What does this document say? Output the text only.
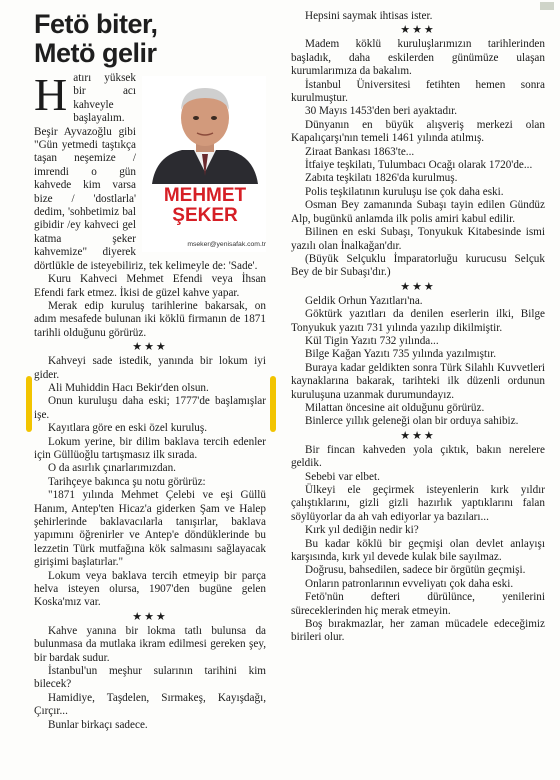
Fetö biter,
Metö gelir

H
MEHMET
ŞEKER
mseker@yenisafak.com.tr
atırı yüksek bir acı kahveyle başlayalım. Beşir Ayvazoğlu gibi "Gün yetmedi taştıkça taşan neşemize / imrendi o gün kahvede kim varsa bize / 'dostlarla' dedim, 'sohbetimiz bal gibidir /ey kahveci gel katma şeker kahvemize" diyerek dörtlükle de isteyebiliriz, tek kelimeyle de: 'Sade'.

Kuru Kahveci Mehmet Efendi veya İhsan Efendi fark etmez. İkisi de güzel kahve yapar.

Merak edip kuruluş tarihlerine bakarsak, on adım mesafede bulunan iki köklü firmanın de 1871 tarihli olduğunu görürüz.

★★★

Kahveyi sade istedik, yanında bir lokum iyi gider.

Ali Muhiddin Hacı Bekir'den olsun.

Onun kuruluşu daha eski; 1777'de başlamışlar işe.

Kayıtlara göre en eski özel kuruluş.

Lokum yerine, bir dilim baklava tercih edenler için Güllüoğlu tartışmasız ilk sırada.

O da asırlık çınarlarımızdan.

Tarihçeye bakınca şu notu görürüz:

"1871 yılında Mehmet Çelebi ve eşi Güllü Hanım, Antep'ten Hicaz'a giderken Şam ve Halep şehirlerinde baklavacılarla tanışırlar, baklava yapımını öğrenirler ve Antep'e döndüklerinde bu lezzetin Türk mutfağına kök salmasını sağlayacak girişimi başlatırlar."

Lokum veya baklava tercih etmeyip bir parça helva isteyen olursa, 1907'den bugüne gelen Koska'mız var.

★★★

Kahve yanına bir lokma tatlı bulunsa da bulunmasa da mutlaka ikram edilmesi gereken şey, bir bardak sudur.

İstanbul'un meşhur sularının tarihini kim bilecek?

Hamidiye, Taşdelen, Sırmakeş, Kayışdağı, Çırçır...

Bunlar birkaçı sadece.

Hepsini saymak ihtisas ister.

★★★

Madem köklü kuruluşlarımızın tarihlerinden başladık, daha eskilerden günümüze ulaşan kurumlarımıza da bakalım.

İstanbul Üniversitesi fetihten hemen sonra kurulmuştur.

30 Mayıs 1453'den beri ayaktadır.

Dünyanın en büyük alışveriş merkezi olan Kapalıçarşı'nın temeli 1461 yılında atılmış.

Ziraat Bankası 1863'te...

İtfaiye teşkilatı, Tulumbacı Ocağı olarak 1720'de...

Zabıta teşkilatı 1826'da kurulmuş.

Polis teşkilatının kuruluşu ise çok daha eski.

Osman Bey zamanında Subaşı tayin edilen Gündüz Alp, bugünkü anlamda ilk polis amiri kabul edilir.

Bilinen en eski Subaşı, Tonyukuk Kitabesinde ismi yazılı olan İnalkağan'dır.

(Büyük Selçuklu İmparatorluğu kurucusu Selçuk Bey de bir Subaşı'dır.)

★★★

Geldik Orhun Yazıtları'na.

Göktürk yazıtları da denilen eserlerin ilki, Bilge Tonyukuk yazıtı 731 yılında yazılıp dikilmiştir.

Kül Tigin Yazıtı 732 yılında...

Bilge Kağan Yazıtı 735 yılında yazılmıştır.

Buraya kadar geldikten sonra Türk Silahlı Kuvvetleri kaynaklarına bakarak, tarihteki ilk düzenli ordunun kuruluşuna uzanmak durumundayız.

Milattan öncesine ait olduğunu görürüz.

Binlerce yıllık geleneği olan bir orduya sahibiz.

★★★

Bir fincan kahveden yola çıktık, bakın nerelere geldik.

Sebebi var elbet.

Ülkeyi ele geçirmek isteyenlerin kırk yıldır çalıştıklarını, gizli gizli hazırlık yaptıklarını falan söylüyorlar da ah vah ediyorlar ya bazıları...

Kırk yıl dediğin nedir ki?

Bu kadar köklü bir geçmişi olan devlet anlayışı karşısında, kırk yıl devede kulak bile sayılmaz.

Doğrusu, bahsedilen, sadece bir örgütün geçmişi.

Onların patronlarının evveliyatı çok daha eski.

Fetö'nün defteri dürülünce, yenilerini süreceklerinden hiç merak etmeyin.

Boş bırakmazlar, her zaman mücadele edeceğimiz birileri olur.
